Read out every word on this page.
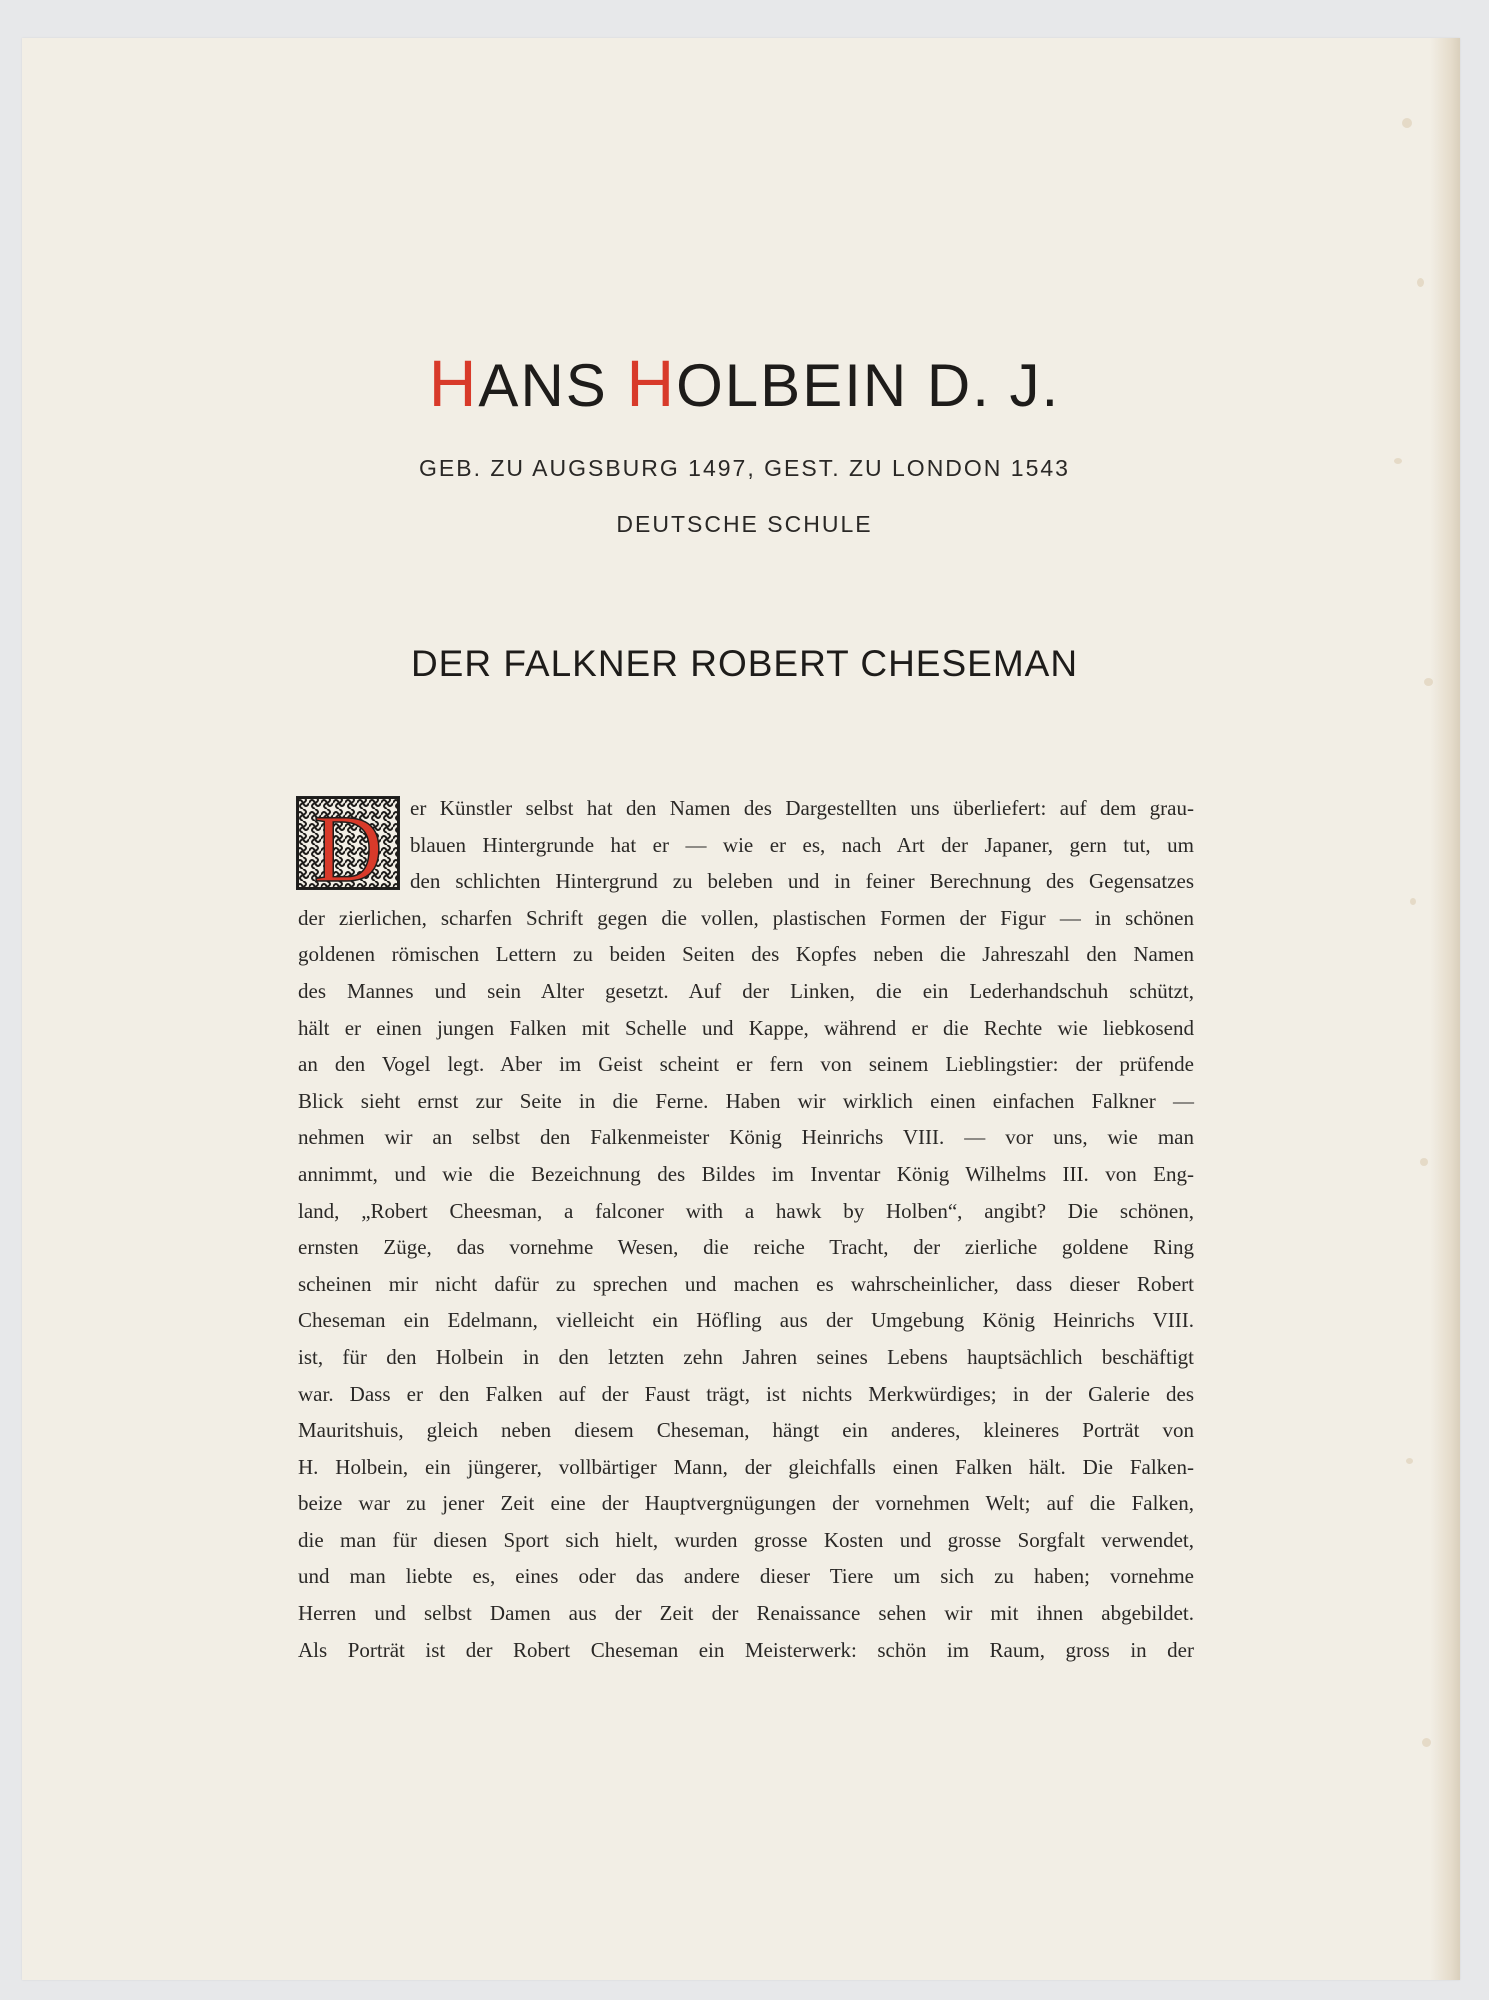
HANS HOLBEIN D. J.
GEB. ZU AUGSBURG 1497, GEST. ZU LONDON 1543
DEUTSCHE SCHULE
DER FALKNER ROBERT CHESEMAN
D	er Künstler selbst hat den Namen des Dargestellten uns überliefert: auf dem grau-
blauen Hintergrunde hat er — wie er es, nach Art der Japaner, gern tut, um
den schlichten Hintergrund zu beleben und in feiner Berechnung des Gegensatzes
der zierlichen, scharfen Schrift gegen die vollen, plastischen Formen der Figur — in schönen
goldenen römischen Lettern zu beiden Seiten des Kopfes neben die Jahreszahl den Namen
des Mannes und sein Alter gesetzt. Auf der Linken, die ein Lederhandschuh schützt,
hält er einen jungen Falken mit Schelle und Kappe, während er die Rechte wie liebkosend
an den Vogel legt. Aber im Geist scheint er fern von seinem Lieblingstier: der prüfende
Blick sieht ernst zur Seite in die Ferne. Haben wir wirklich einen einfachen Falkner —
nehmen wir an selbst den Falkenmeister König Heinrichs VIII. — vor uns, wie man
annimmt, und wie die Bezeichnung des Bildes im Inventar König Wilhelms III. von Eng-
land, „Robert Cheesman, a falconer with a hawk by Holben“, angibt? Die schönen,
ernsten Züge, das vornehme Wesen, die reiche Tracht, der zierliche goldene Ring
scheinen mir nicht dafür zu sprechen und machen es wahrscheinlicher, dass dieser Robert
Cheseman ein Edelmann, vielleicht ein Höfling aus der Umgebung König Heinrichs VIII.
ist, für den Holbein in den letzten zehn Jahren seines Lebens hauptsächlich beschäftigt
war. Dass er den Falken auf der Faust trägt, ist nichts Merkwürdiges; in der Galerie des
Mauritshuis, gleich neben diesem Cheseman, hängt ein anderes, kleineres Porträt von
H. Holbein, ein jüngerer, vollbärtiger Mann, der gleichfalls einen Falken hält. Die Falken-
beize war zu jener Zeit eine der Hauptvergnügungen der vornehmen Welt; auf die Falken,
die man für diesen Sport sich hielt, wurden grosse Kosten und grosse Sorgfalt verwendet,
und man liebte es, eines oder das andere dieser Tiere um sich zu haben; vornehme
Herren und selbst Damen aus der Zeit der Renaissance sehen wir mit ihnen abgebildet.
Als Porträt ist der Robert Cheseman ein Meisterwerk: schön im Raum, gross in der
